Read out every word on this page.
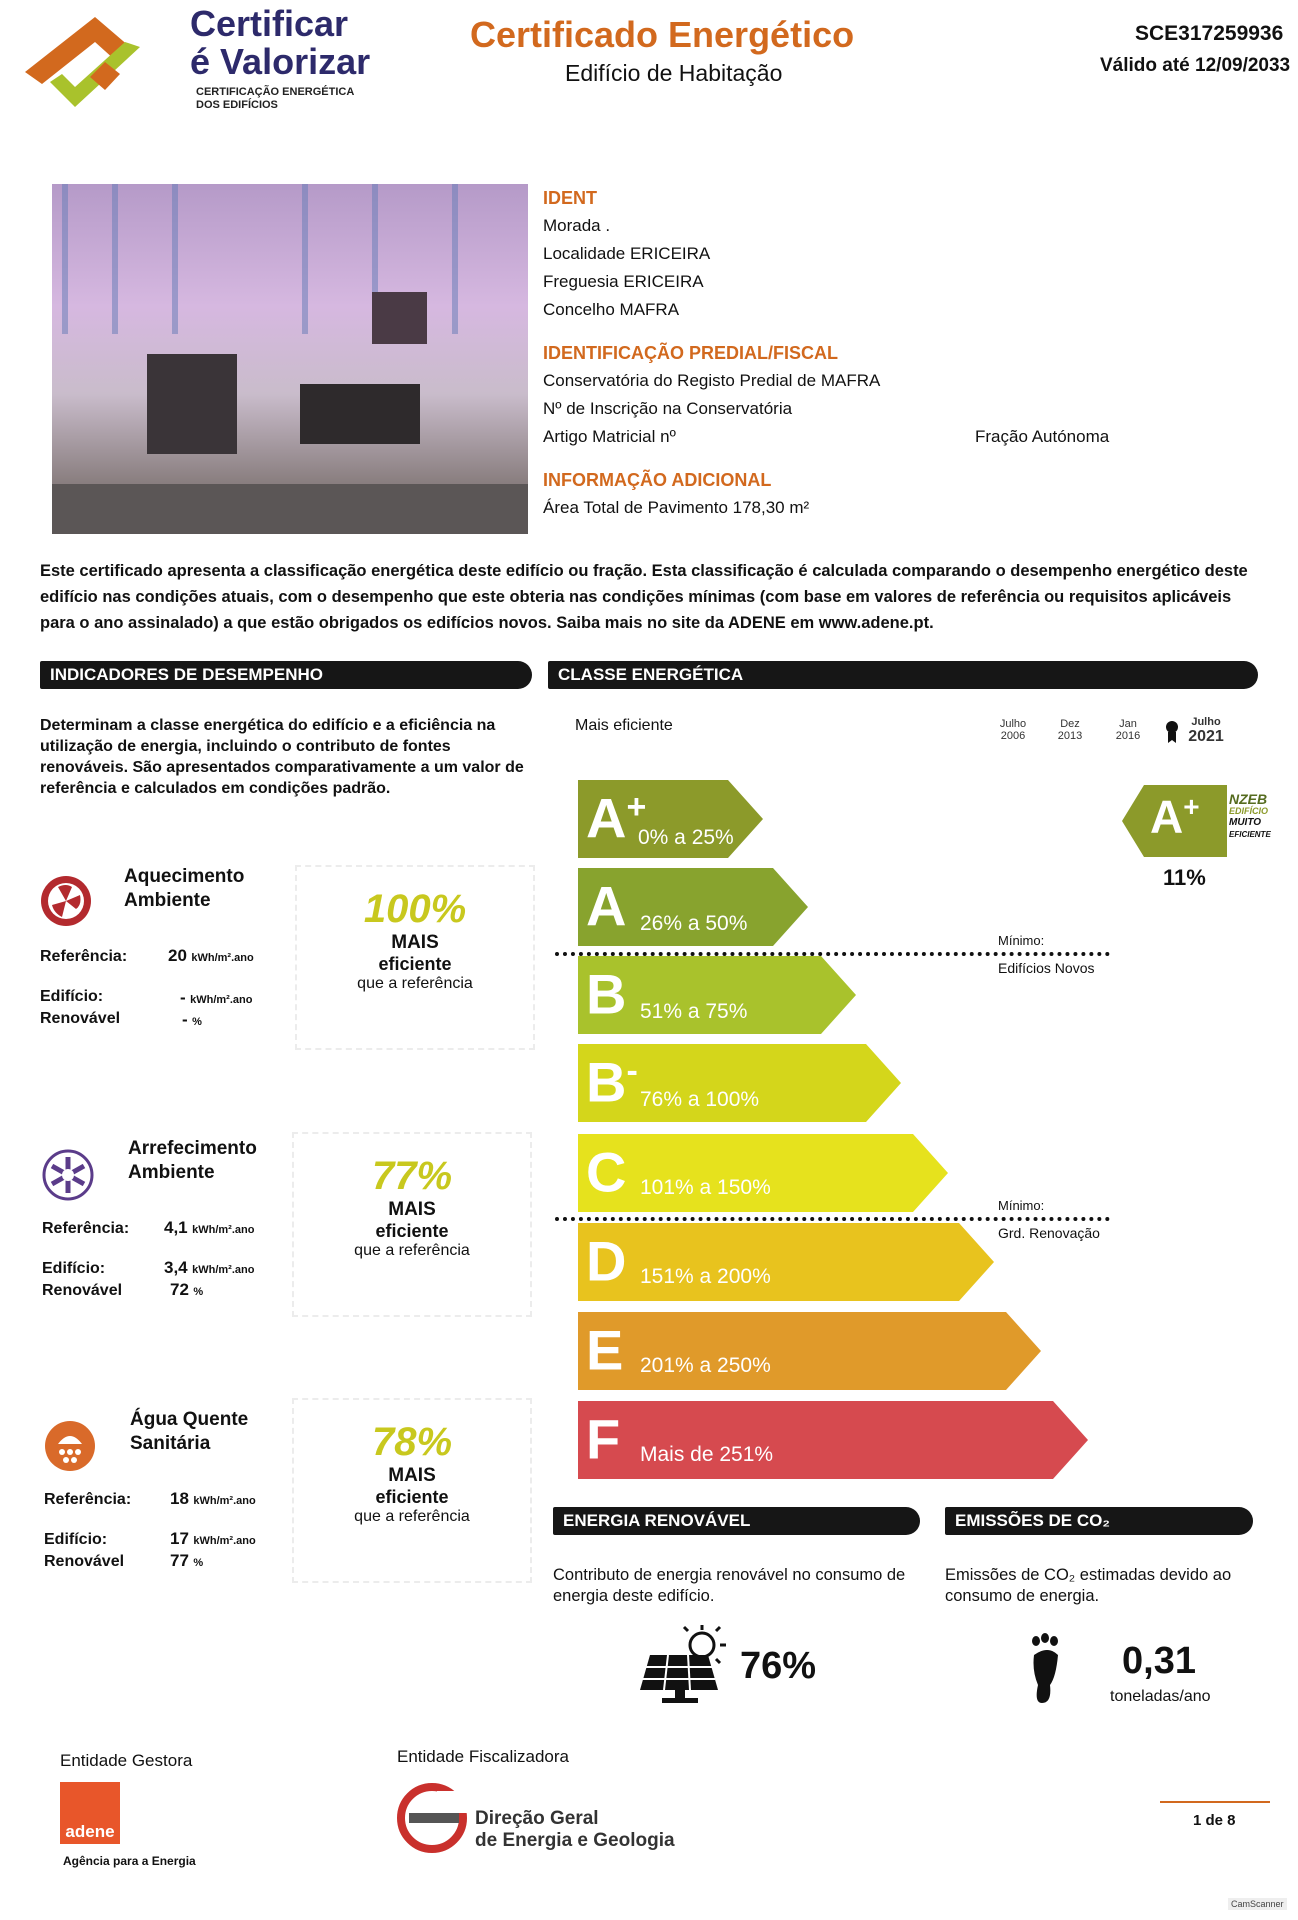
Certificar
é Valorizar
CERTIFICAÇÃO ENERGÉTICA DOS EDIFÍCIOS
Certificado Energético
Edifício de Habitação
SCE317259936
Válido até 12/09/2033
IDENT
Morada .
Localidade ERICEIRA
Freguesia ERICEIRA
Concelho MAFRA
IDENTIFICAÇÃO PREDIAL/FISCAL
Conservatória do Registo Predial de MAFRA
Nº de Inscrição na Conservatória
Artigo Matricial nº	Fração Autónoma
INFORMAÇÃO ADICIONAL
Área Total de Pavimento 178,30 m²
Este certificado apresenta a classificação energética deste edifício ou fração. Esta classificação é calculada comparando o desempenho energético deste edifício nas condições atuais, com o desempenho que este obteria nas condições mínimas (com base em valores de referência ou requisitos aplicáveis para o ano assinalado) a que estão obrigados os edifícios novos. Saiba mais no site da ADENE em www.adene.pt.
INDICADORES DE DESEMPENHO
Determinam a classe energética do edifício e a eficiência na utilização de energia, incluindo o contributo de fontes renováveis. São apresentados comparativamente a um valor de referência e calculados em condições padrão.
Aquecimento
Ambiente
Referência: 20 kWh/m².ano
Edifício:	- kWh/m².ano
Renovável	- %
100%
MAIS
eficiente
que a referência
Arrefecimento
Ambiente
Referência: 4,1 kWh/m².ano
Edifício:	3,4 kWh/m².ano
Renovável	72 %
77%
MAIS
eficiente
que a referência
Água Quente
Sanitária
Referência: 18 kWh/m².ano
Edifício:	17 kWh/m².ano
Renovável	77 %
78%
MAIS
eficiente
que a referência
CLASSE ENERGÉTICA
Mais eficiente	Julho
2006
Dez
2013
Jan
2016
Julho
2021
A+
0% a 25%
A 26% a 50%
B 51% a 75%
B-
76% a 100%
C 101% a 150%
D 151% a 200%
E 201% a 250%
F Mais de 251%
Mínimo:
Edifícios Novos
Mínimo:
Grd. Renovação
A+ NZEB
EDIFÍCIO
MUITO
EFICIENTE
11%
ENERGIA RENOVÁVEL
Contributo de energia renovável no consumo de energia deste edifício.
76%
EMISSÕES DE CO₂
Emissões de CO₂ estimadas devido ao consumo de energia.
0,31
toneladas/ano
Entidade Gestora
adene
Agência para a Energia
Entidade Fiscalizadora
Direção Geral
de Energia e Geologia
1 de 8
CamScanner
